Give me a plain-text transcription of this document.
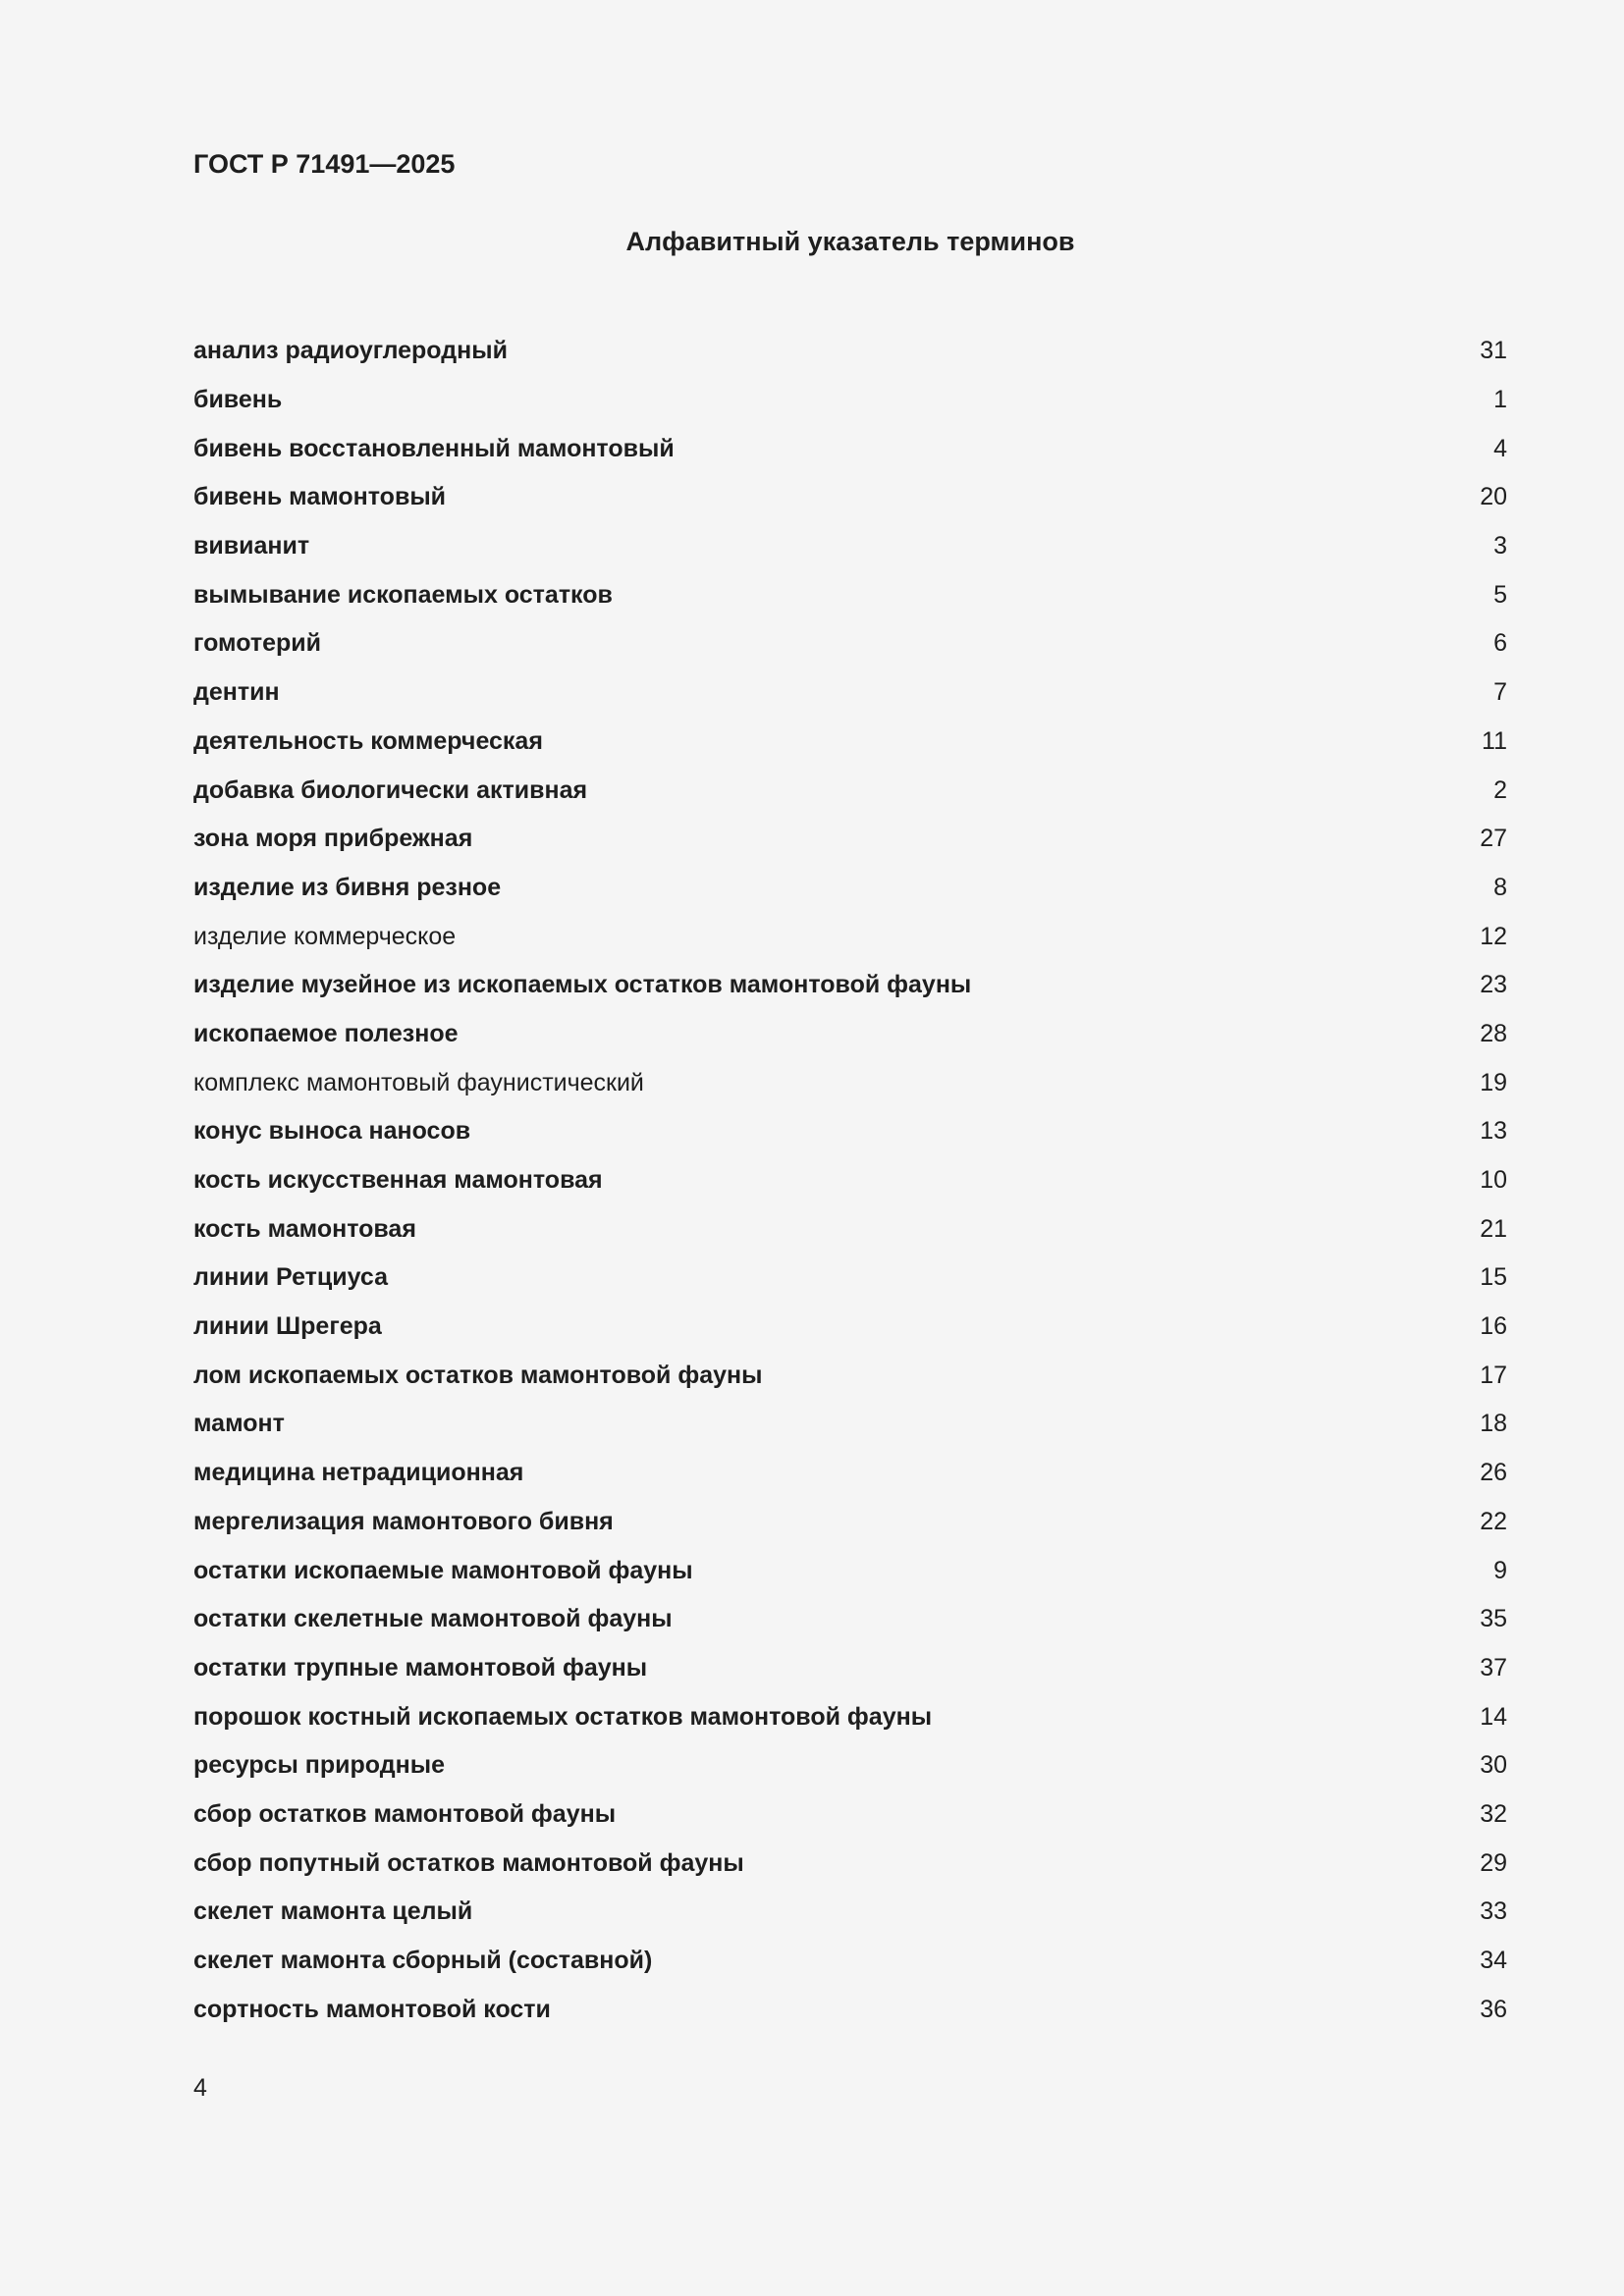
ГОСТ Р 71491—2025
Алфавитный указатель терминов
анализ радиоуглеродный	31
бивень	1
бивень восстановленный мамонтовый	4
бивень мамонтовый	20
вивианит	3
вымывание ископаемых остатков	5
гомотерий	6
дентин	7
деятельность коммерческая	11
добавка биологически активная	2
зона моря прибрежная	27
изделие из бивня резное	8
изделие коммерческое	12
изделие музейное из ископаемых остатков мамонтовой фауны	23
ископаемое полезное	28
комплекс мамонтовый фаунистический	19
конус выноса наносов	13
кость искусственная мамонтовая	10
кость мамонтовая	21
линии Ретциуса	15
линии Шрегера	16
лом ископаемых остатков мамонтовой фауны	17
мамонт	18
медицина нетрадиционная	26
мергелизация мамонтового бивня	22
остатки ископаемые мамонтовой фауны	9
остатки скелетные мамонтовой фауны	35
остатки трупные мамонтовой фауны	37
порошок костный ископаемых остатков мамонтовой фауны	14
ресурсы природные	30
сбор остатков мамонтовой фауны	32
сбор попутный остатков мамонтовой фауны	29
скелет мамонта целый	33
скелет мамонта сборный (составной)	34
сортность мамонтовой кости	36

4
